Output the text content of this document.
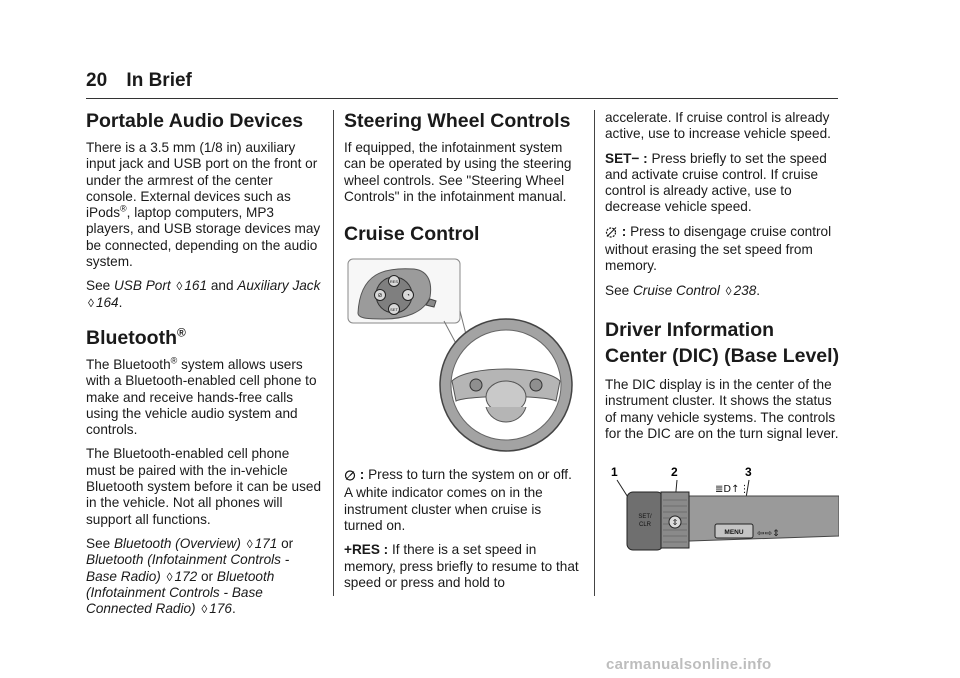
20 In Brief
Portable Audio Devices

There is a 3.5 mm (1/8 in) auxiliary input jack and USB port on the front or under the armrest of the center console. External devices such as iPods®, laptop computers, MP3 players, and USB storage devices may be connected, depending on the audio system.

See USB Port ◊ 161 and Auxiliary Jack ◊ 164.

Bluetooth®

The Bluetooth® system allows users with a Bluetooth-enabled cell phone to make and receive hands-free calls using the vehicle audio system and controls.

The Bluetooth-enabled cell phone must be paired with the in-vehicle Bluetooth system before it can be used in the vehicle. Not all phones will support all functions.

See Bluetooth (Overview) ◊ 171 or Bluetooth (Infotainment Controls - Base Radio) ◊ 172 or Bluetooth (Infotainment Controls - Base Connected Radio) ◊ 176.

Steering Wheel Controls

If equipped, the infotainment system can be operated by using the steering wheel controls. See "Steering Wheel Controls" in the infotainment manual.

Cruise Control
RES
⊘	◔
SET

: Press to turn the system on or off. A white indicator comes on in the instrument cluster when cruise is turned on.

+RES : If there is a set speed in memory, press briefly to resume to that speed or press and hold to

accelerate. If cruise control is already active, use to increase vehicle speed.

SET− : Press briefly to set the speed and activate cruise control. If cruise control is already active, use to decrease vehicle speed.

: Press to disengage cruise control without erasing the set speed from memory.

See Cruise Control ◊ 238.

Driver Information Center (DIC) (Base Level)

The DIC display is in the center of the instrument cluster. It shows the status of many vehicle systems. The controls for the DIC are on the turn signal lever.

1	2	3
SET/
CLR	⇕
≣D↑⋮
MENU ⇦⇨⇕
carmanualsonline.info
